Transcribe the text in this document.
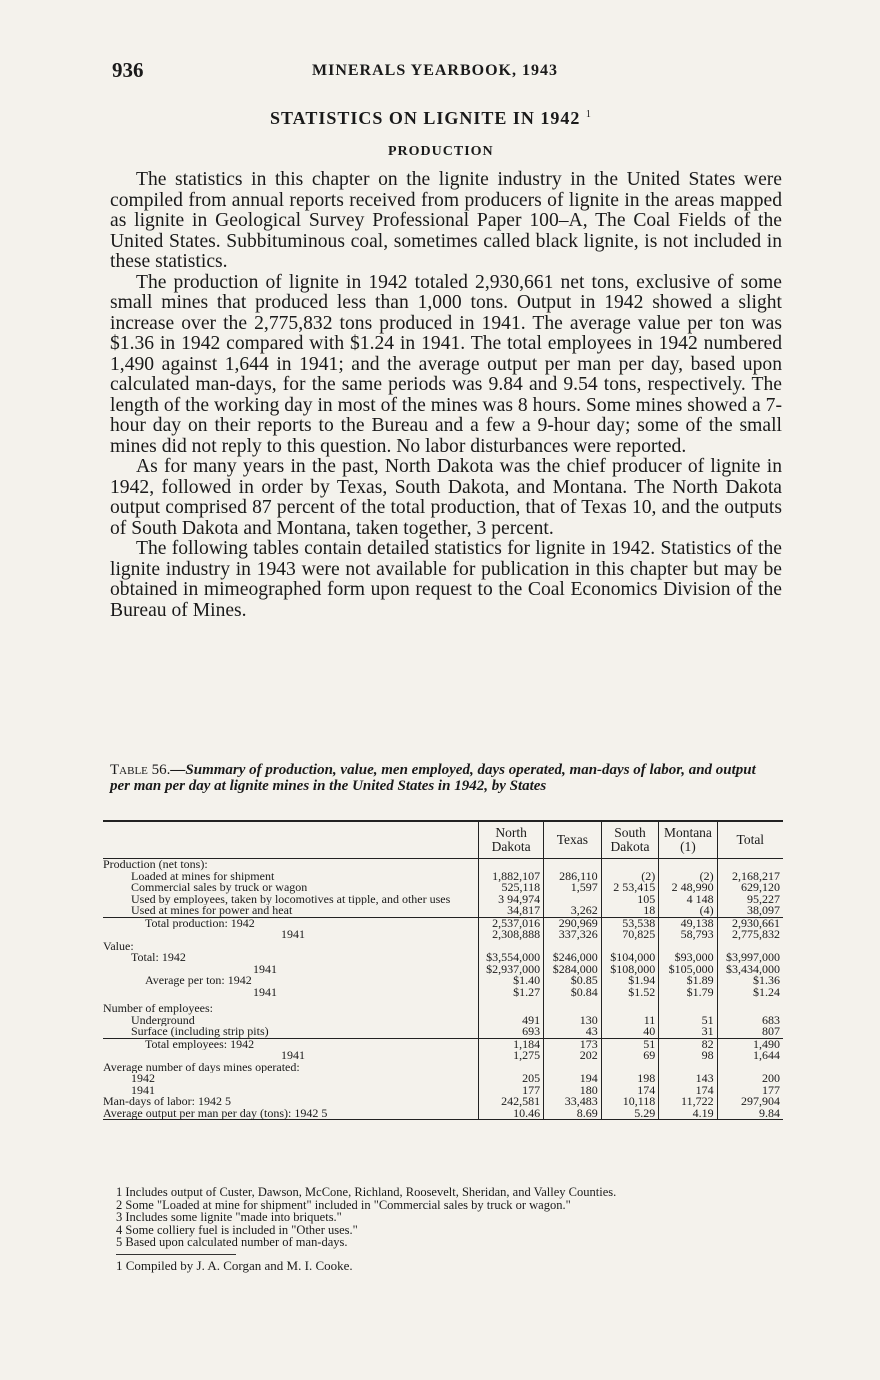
936	MINERALS YEARBOOK, 1943
STATISTICS ON LIGNITE IN 1942 $^1$
PRODUCTION

The statistics in this chapter on the lignite industry in the United States were compiled from annual reports received from producers of lignite in the areas mapped as lignite in Geological Survey Professional Paper 100–A, The Coal Fields of the United States. Subbituminous coal, sometimes called black lignite, is not included in these statistics.

The production of lignite in 1942 totaled 2,930,661 net tons, exclusive of some small mines that produced less than 1,000 tons. Output in 1942 showed a slight increase over the 2,775,832 tons produced in 1941. The average value per ton was $1.36 in 1942 compared with $1.24 in 1941. The total employees in 1942 numbered 1,490 against 1,644 in 1941; and the average output per man per day, based upon calculated man-days, for the same periods was 9.84 and 9.54 tons, respectively. The length of the working day in most of the mines was 8 hours. Some mines showed a 7-hour day on their reports to the Bureau and a few a 9-hour day; some of the small mines did not reply to this question. No labor disturbances were reported.

As for many years in the past, North Dakota was the chief producer of lignite in 1942, followed in order by Texas, South Dakota, and Montana. The North Dakota output comprised 87 percent of the total production, that of Texas 10, and the outputs of South Dakota and Montana, taken together, 3 percent.

The following tables contain detailed statistics for lignite in 1942. Statistics of the lignite industry in 1943 were not available for publication in this chapter but may be obtained in mimeographed form upon request to the Coal Economics Division of the Bureau of Mines.

Table 56.—Summary of production, value, men employed, days operated, man-days of labor, and output per man per day at lignite mines in the United States in 1942, by States
	North Dakota	Texas	South Dakota	Montana (1)	Total
Production (net tons):					
Loaded at mines for shipment	1,882,107	286,110	(2)	(2)	2,168,217
Commercial sales by truck or wagon	525,118	1,597	2 53,415	2 48,990	629,120
Used by employees, taken by locomotives at tipple, and other uses	3 94,974		105	4 148	95,227
Used at mines for power and heat	34,817	3,262	18	(4)	38,097
Total production: 1942	2,537,016	290,969	53,538	49,138	2,930,661
1941	2,308,888	337,326	70,825	58,793	2,775,832
Value:					
Total: 1942	$3,554,000	$246,000	$104,000	$93,000	$3,997,000
1941	$2,937,000	$284,000	$108,000	$105,000	$3,434,000
Average per ton: 1942	$1.40	$0.85	$1.94	$1.89	$1.36
1941	$1.27	$0.84	$1.52	$1.79	$1.24

Number of employees:					
Underground	491	130	11	51	683
Surface (including strip pits)	693	43	40	31	807
Total employees: 1942	1,184	173	51	82	1,490
1941	1,275	202	69	98	1,644
Average number of days mines operated:					
1942	205	194	198	143	200
1941	177	180	174	174	177
Man-days of labor: 1942 5	242,581	33,483	10,118	11,722	297,904
Average output per man per day (tons): 1942 5	10.46	8.69	5.29	4.19	9.84
1 Includes output of Custer, Dawson, McCone, Richland, Roosevelt, Sheridan, and Valley Counties.
2 Some "Loaded at mine for shipment" included in "Commercial sales by truck or wagon."
3 Includes some lignite "made into briquets."
4 Some colliery fuel is included in "Other uses."
5 Based upon calculated number of man-days.
1 Compiled by J. A. Corgan and M. I. Cooke.
